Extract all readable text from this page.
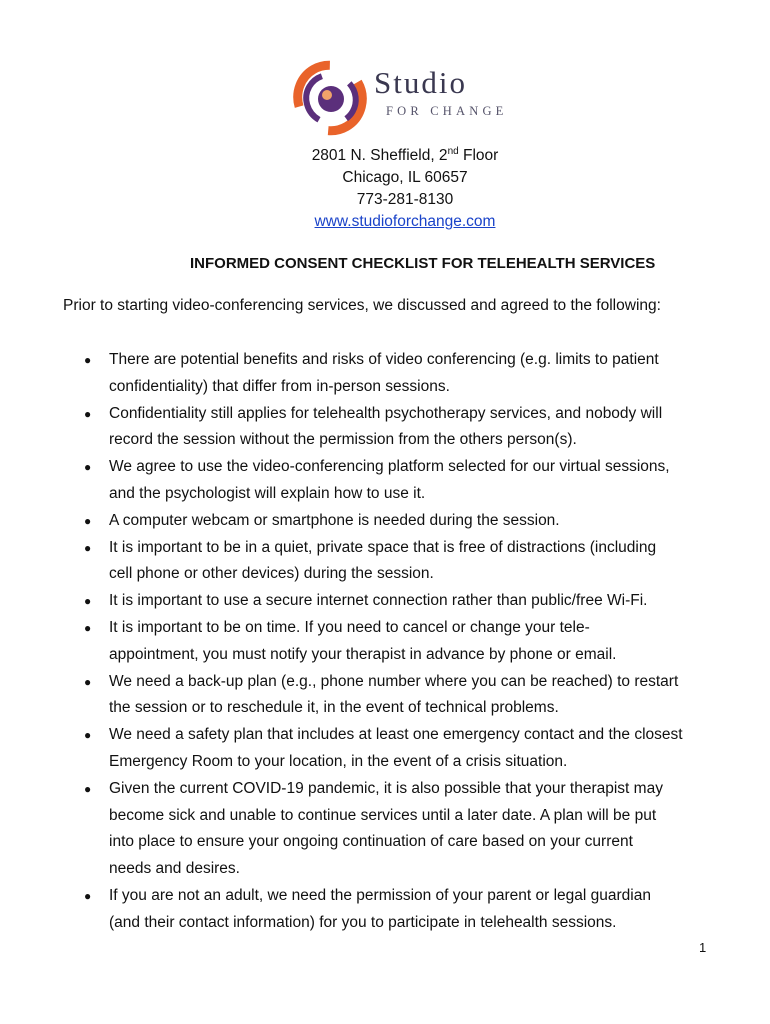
Studio
FOR CHANGE
2801 N. Sheffield, 2nd Floor
Chicago, IL 60657
773-281-8130
www.studioforchange.com
INFORMED CONSENT CHECKLIST FOR TELEHEALTH SERVICES
Prior to starting video-conferencing services, we discussed and agreed to the following:
● There are potential benefits and risks of video conferencing (e.g. limits to patient
confidentiality) that differ from in-person sessions.
● Confidentiality still applies for telehealth psychotherapy services, and nobody will
record the session without the permission from the others person(s).
● We agree to use the video-conferencing platform selected for our virtual sessions,
and the psychologist will explain how to use it.
● A computer webcam or smartphone is needed during the session.
● It is important to be in a quiet, private space that is free of distractions (including
cell phone or other devices) during the session.
● It is important to use a secure internet connection rather than public/free Wi-Fi.
● It is important to be on time. If you need to cancel or change your tele-
appointment, you must notify your therapist in advance by phone or email.
● We need a back-up plan (e.g., phone number where you can be reached) to restart
the session or to reschedule it, in the event of technical problems.
● We need a safety plan that includes at least one emergency contact and the closest
Emergency Room to your location, in the event of a crisis situation.
● Given the current COVID-19 pandemic, it is also possible that your therapist may
become sick and unable to continue services until a later date. A plan will be put
into place to ensure your ongoing continuation of care based on your current
needs and desires.
● If you are not an adult, we need the permission of your parent or legal guardian
(and their contact information) for you to participate in telehealth sessions.
1
